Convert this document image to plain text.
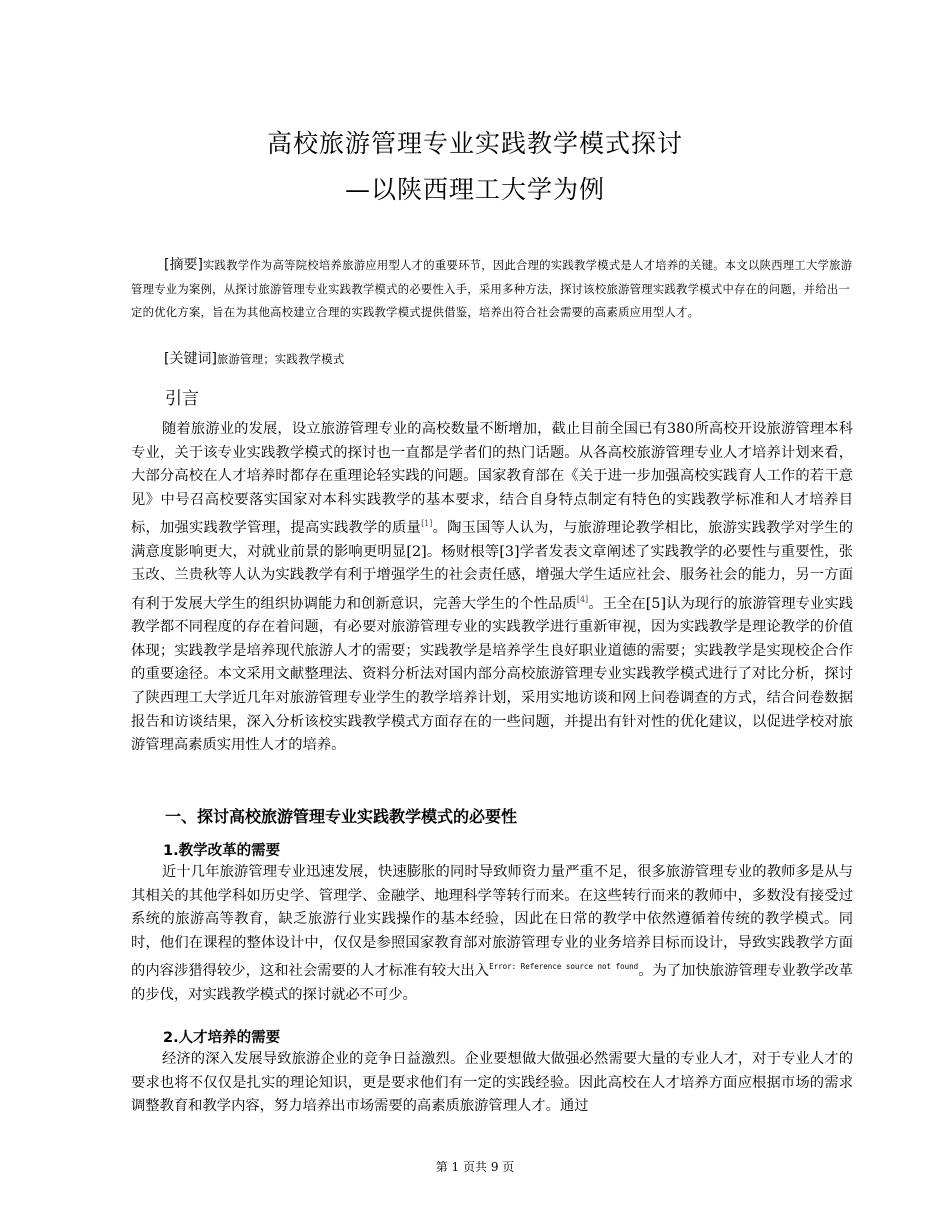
高校旅游管理专业实践教学模式探讨
—以陕西理工大学为例
[摘要]实践教学作为高等院校培养旅游应用型人才的重要环节，因此合理的实践教学模式是人才培养的关键。本文以陕西理工大学旅游管理专业为案例，从探讨旅游管理专业实践教学模式的必要性入手，采用多种方法，探讨该校旅游管理实践教学模式中存在的问题，并给出一定的优化方案，旨在为其他高校建立合理的实践教学模式提供借鉴，培养出符合社会需要的高素质应用型人才。
[关键词]旅游管理；实践教学模式
引言
随着旅游业的发展，设立旅游管理专业的高校数量不断增加，截止目前全国已有380所高校开设旅游管理本科专业，关于该专业实践教学模式的探讨也一直都是学者们的热门话题。从各高校旅游管理专业人才培养计划来看，大部分高校在人才培养时都存在重理论轻实践的问题。国家教育部在《关于进一步加强高校实践育人工作的若干意见》中号召高校要落实国家对本科实践教学的基本要求，结合自身特点制定有特色的实践教学标准和人才培养目标，加强实践教学管理，提高实践教学的质量[1]。陶玉国等人认为，与旅游理论教学相比，旅游实践教学对学生的满意度影响更大，对就业前景的影响更明显[2]。杨财根等[3]学者发表文章阐述了实践教学的必要性与重要性，张玉改、兰贵秋等人认为实践教学有利于增强学生的社会责任感，增强大学生适应社会、服务社会的能力，另一方面有利于发展大学生的组织协调能力和创新意识，完善大学生的个性品质[4]。王全在[5]认为现行的旅游管理专业实践教学都不同程度的存在着问题，有必要对旅游管理专业的实践教学进行重新审视，因为实践教学是理论教学的价值体现；实践教学是培养现代旅游人才的需要；实践教学是培养学生良好职业道德的需要；实践教学是实现校企合作的重要途径。本文采用文献整理法、资料分析法对国内部分高校旅游管理专业实践教学模式进行了对比分析，探讨了陕西理工大学近几年对旅游管理专业学生的教学培养计划，采用实地访谈和网上问卷调查的方式，结合问卷数据报告和访谈结果，深入分析该校实践教学模式方面存在的一些问题，并提出有针对性的优化建议，以促进学校对旅游管理高素质实用性人才的培养。
一、探讨高校旅游管理专业实践教学模式的必要性
1.教学改革的需要
近十几年旅游管理专业迅速发展，快速膨胀的同时导致师资力量严重不足，很多旅游管理专业的教师多是从与其相关的其他学科如历史学、管理学、金融学、地理科学等转行而来。在这些转行而来的教师中，多数没有接受过系统的旅游高等教育，缺乏旅游行业实践操作的基本经验，因此在日常的教学中依然遵循着传统的教学模式。同时，他们在课程的整体设计中，仅仅是参照国家教育部对旅游管理专业的业务培养目标而设计，导致实践教学方面的内容涉猎得较少，这和社会需要的人才标准有较大出入$^{Error: Reference source not found}$。为了加快旅游管理专业教学改革的步伐，对实践教学模式的探讨就必不可少。
2.人才培养的需要
经济的深入发展导致旅游企业的竞争日益激烈。企业要想做大做强必然需要大量的专业人才，对于专业人才的要求也将不仅仅是扎实的理论知识，更是要求他们有一定的实践经验。因此高校在人才培养方面应根据市场的需求调整教育和教学内容，努力培养出市场需要的高素质旅游管理人才。通过
第 1 页共 9 页
